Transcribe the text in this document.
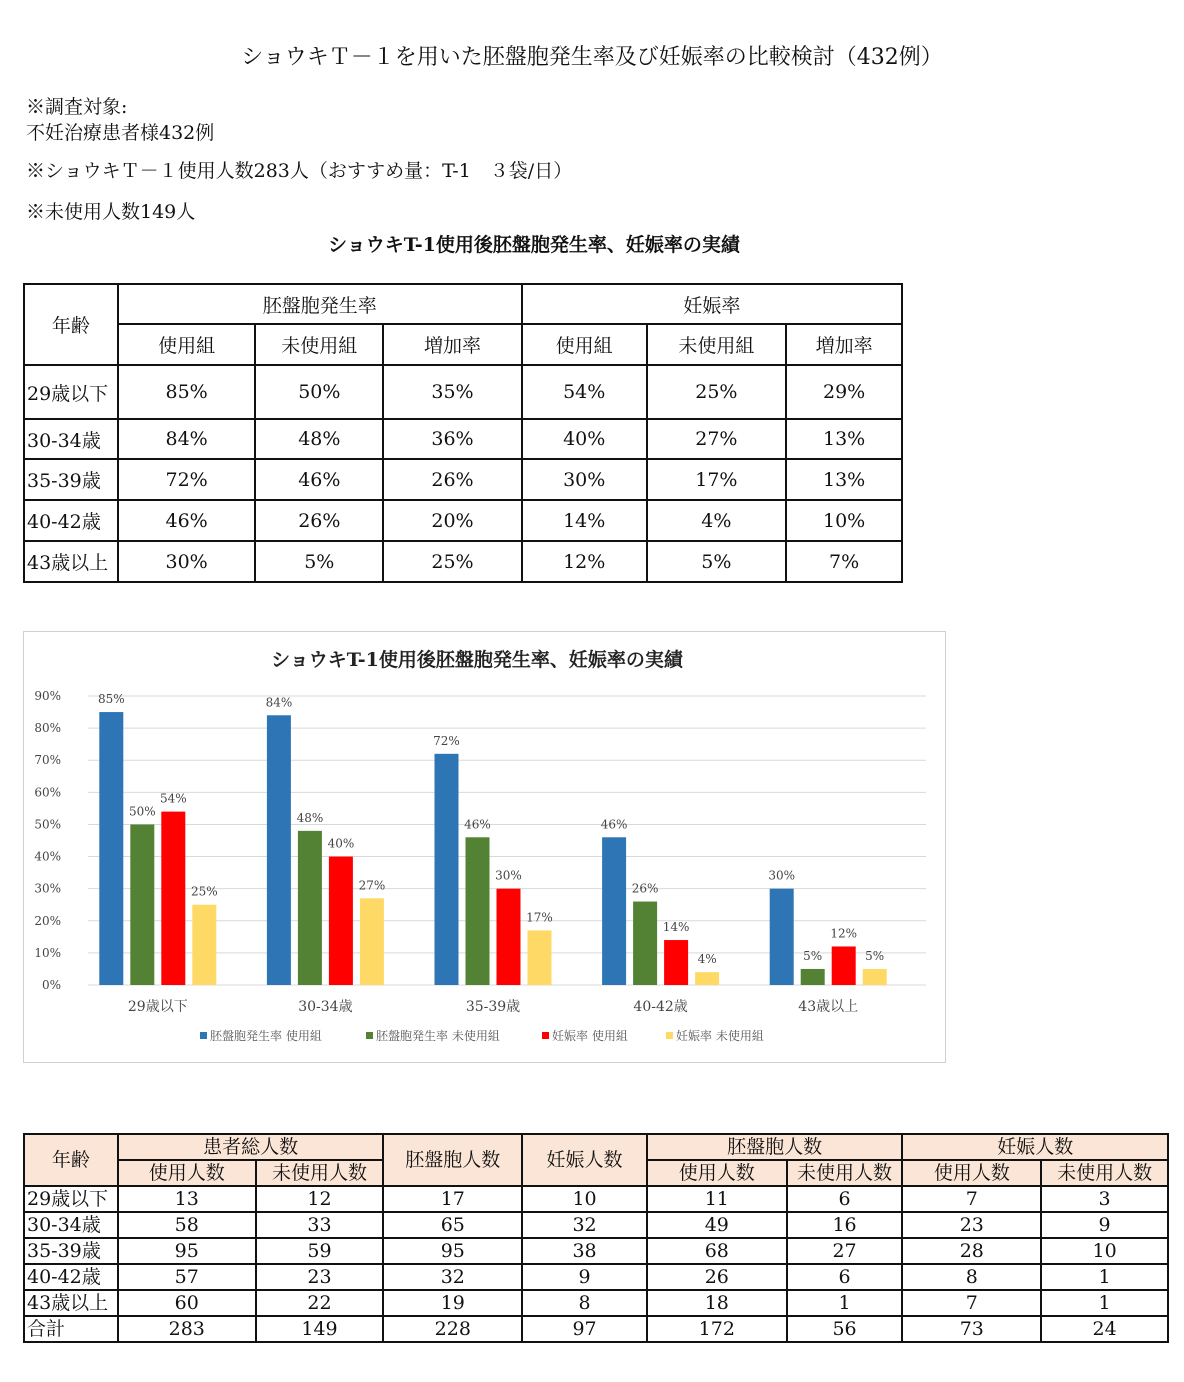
ショウキＴ－１を用いた胚盤胞発生率及び妊娠率の比較検討（432例）
※調査対象:
不妊治療患者様432例
※ショウキＴ－１使用人数283人（おすすめ量：T-1　３袋/日）
※未使用人数149人
ショウキT-1使用後胚盤胞発生率、妊娠率の実績
年齢	胚盤胞発生率			妊娠率		
	使用組	未使用組	増加率	使用組	未使用組	増加率
29歳以下	85%	50%	35%	54%	25%	29%
30-34歳	84%	48%	36%	40%	27%	13%
35-39歳	72%	46%	26%	30%	17%	13%
40-42歳	46%	26%	20%	14%	4%	10%
43歳以上	30%	5%	25%	12%	5%	7%
ショウキT-1使用後胚盤胞発生率、妊娠率の実績
0%
10%
20%
30%
40%
50%
60%
70%
80%
90%	85%
50%
54%
25%
29歳以下
84%
48%
40%
27%
30-34歳
72%
46%
30%
17%
35-39歳
46%
26%
14%
4%
40-42歳
30%
5%
12%
5%
43歳以上
胚盤胞発生率 使用組	胚盤胞発生率 未使用組	妊娠率 使用組	妊娠率 未使用組
年齢	患者総人数		胚盤胞人数	妊娠人数	胚盤胞人数		妊娠人数	
	使用人数	未使用人数			使用人数	未使用人数	使用人数	未使用人数
29歳以下	13	12	17	10	11	6	7	3
30-34歳	58	33	65	32	49	16	23	9
35-39歳	95	59	95	38	68	27	28	10
40-42歳	57	23	32	9	26	6	8	1
43歳以上	60	22	19	8	18	1	7	1
合計	283	149	228	97	172	56	73	24
